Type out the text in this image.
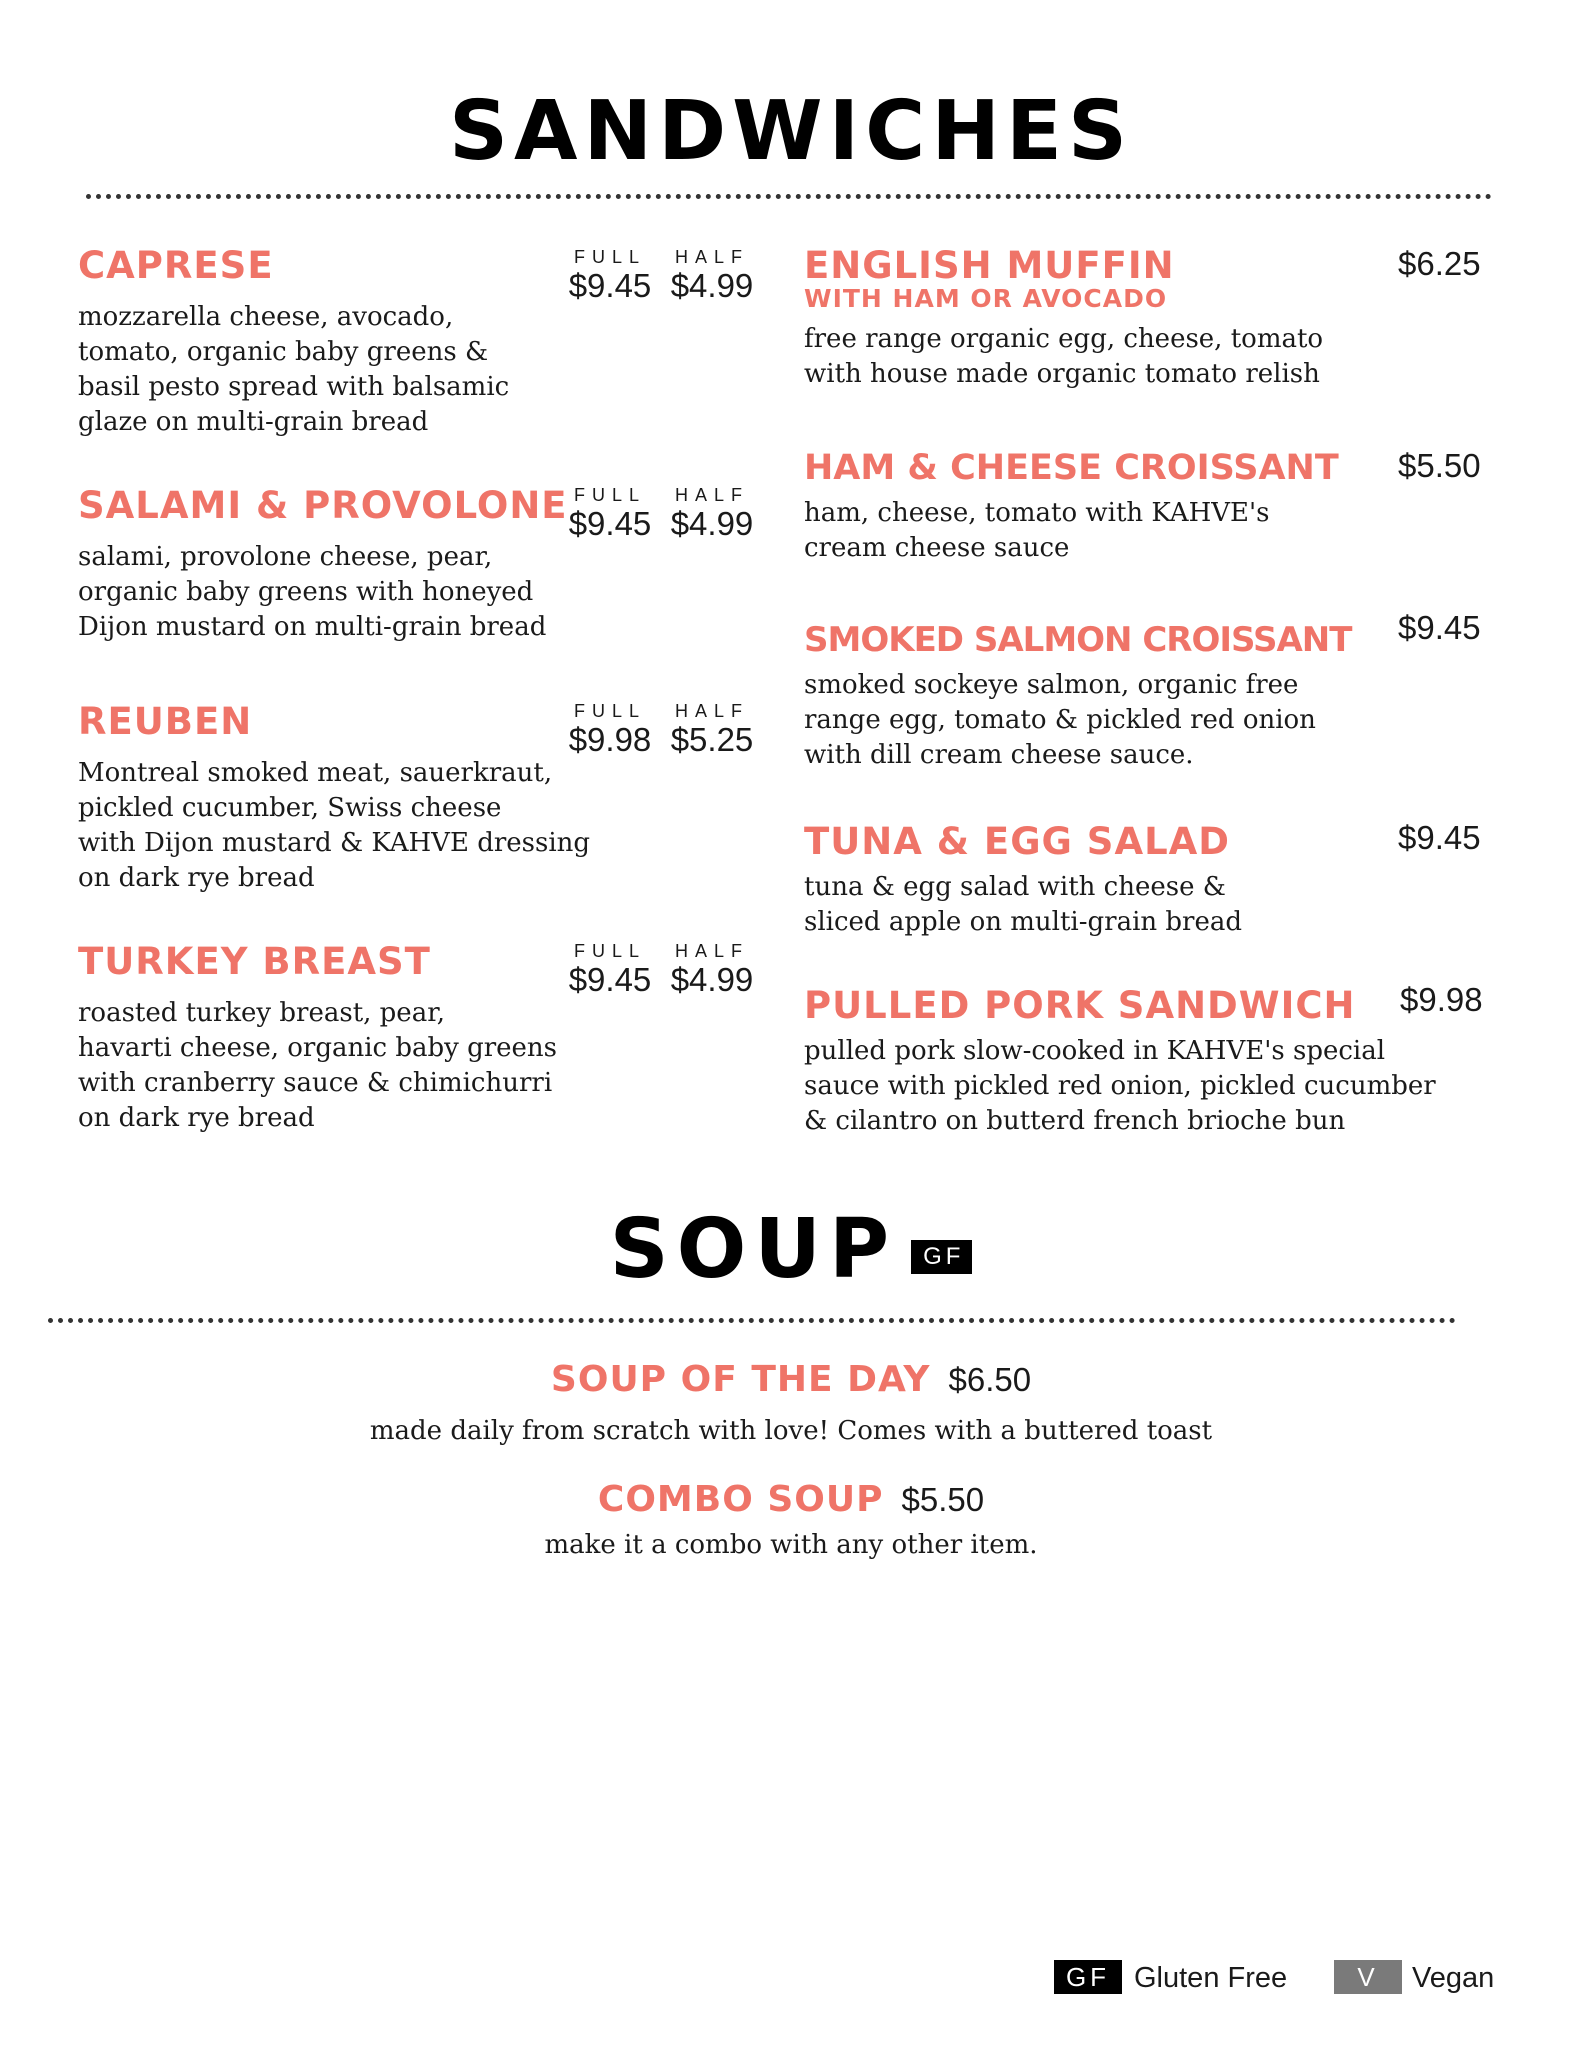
SANDWICHES
CAPRESE	FULL	HALF
$9.45 $4.99
mozzarella cheese, avocado,
tomato, organic baby greens &
basil pesto spread with balsamic
glaze on multi-grain bread
SALAMI & PROVOLONE FULL	HALF
$9.45 $4.99
salami, provolone cheese, pear,
organic baby greens with honeyed
Dijon mustard on multi-grain bread
REUBEN	FULL	HALF
$9.98 $5.25
Montreal smoked meat, sauerkraut,
pickled cucumber, Swiss cheese
with Dijon mustard & KAHVE dressing
on dark rye bread
TURKEY BREAST	FULL	HALF
$9.45 $4.99
roasted turkey breast, pear,
havarti cheese, organic baby greens
with cranberry sauce & chimichurri
on dark rye bread
ENGLISH MUFFIN
WITH HAM OR AVOCADO
$6.25
free range organic egg, cheese, tomato
with house made organic tomato relish
HAM & CHEESE CROISSANT $5.50
ham, cheese, tomato with KAHVE's
cream cheese sauce
SMOKED SALMON CROISSANT $9.45
smoked sockeye salmon, organic free
range egg, tomato & pickled red onion
with dill cream cheese sauce.
TUNA & EGG SALAD	$9.45
tuna & egg salad with cheese &
sliced apple on multi-grain bread
PULLED PORK SANDWICH $9.98
pulled pork slow-cooked in KAHVE's special
sauce with pickled red onion, pickled cucumber
& cilantro on butterd french brioche bun
SOUP GF
SOUP OF THE DAY $6.50
made daily from scratch with love! Comes with a buttered toast
COMBO SOUP $5.50
make it a combo with any other item.
GF Gluten Free	V	Vegan
